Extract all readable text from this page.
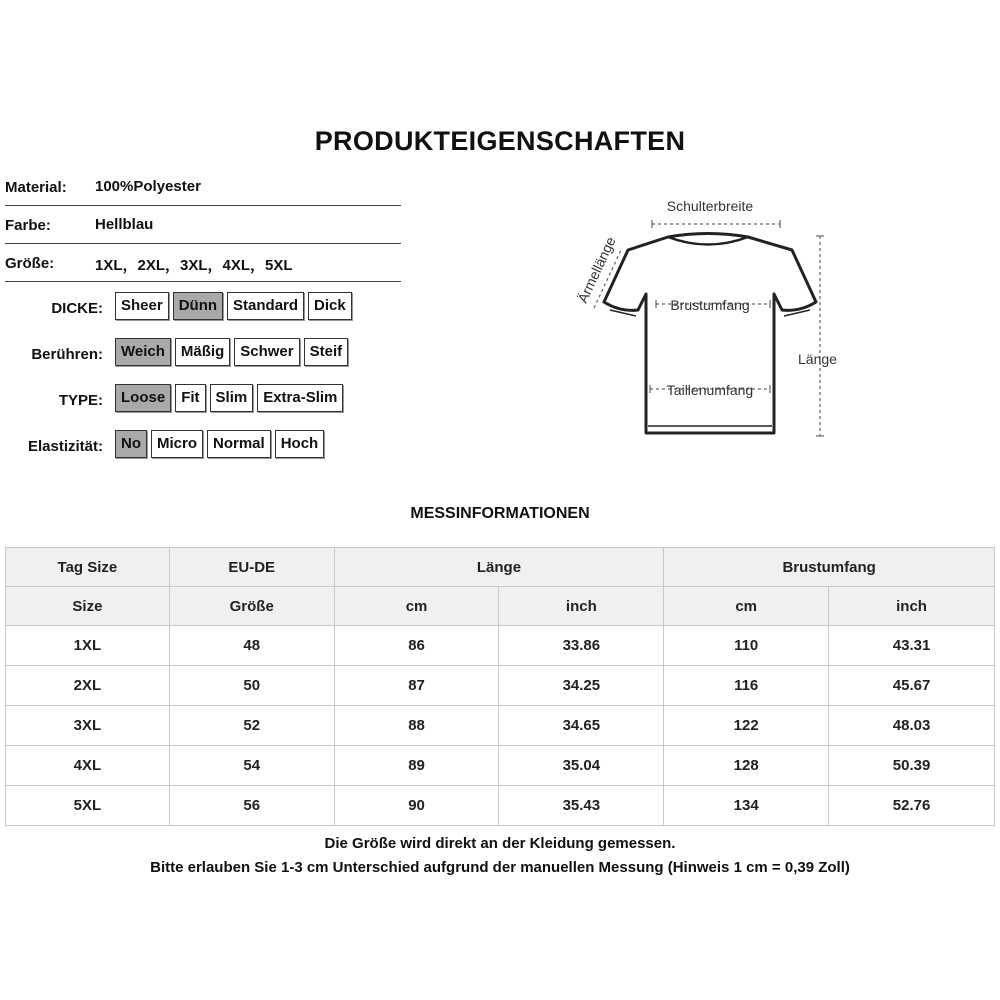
PRODUKTEIGENSCHAFTEN
Material: 100%Polyester
Farbe:	Hellblau
Größe:	1XL，2XL，3XL，4XL，5XL
DICKE:	Sheer	Dünn	Standard	Dick
Berühren:	Weich	Mäßig	Schwer	Steif
TYPE:	Loose	Fit	Slim	Extra-Slim
Elastizität:	No	Micro	Normal	Hoch
Schulterbreite
Brustumfang
Taillenumfang
Länge
Ärmellänge
MESSINFORMATIONEN
Tag Size	EU-DE	Länge		Brustumfang	
Size	Größe	cm	inch	cm	inch
1XL	48	86	33.86	110	43.31
2XL	50	87	34.25	116	45.67
3XL	52	88	34.65	122	48.03
4XL	54	89	35.04	128	50.39
5XL	56	90	35.43	134	52.76
Die Größe wird direkt an der Kleidung gemessen.
Bitte erlauben Sie 1-3 cm Unterschied aufgrund der manuellen Messung (Hinweis 1 cm = 0,39 Zoll)
